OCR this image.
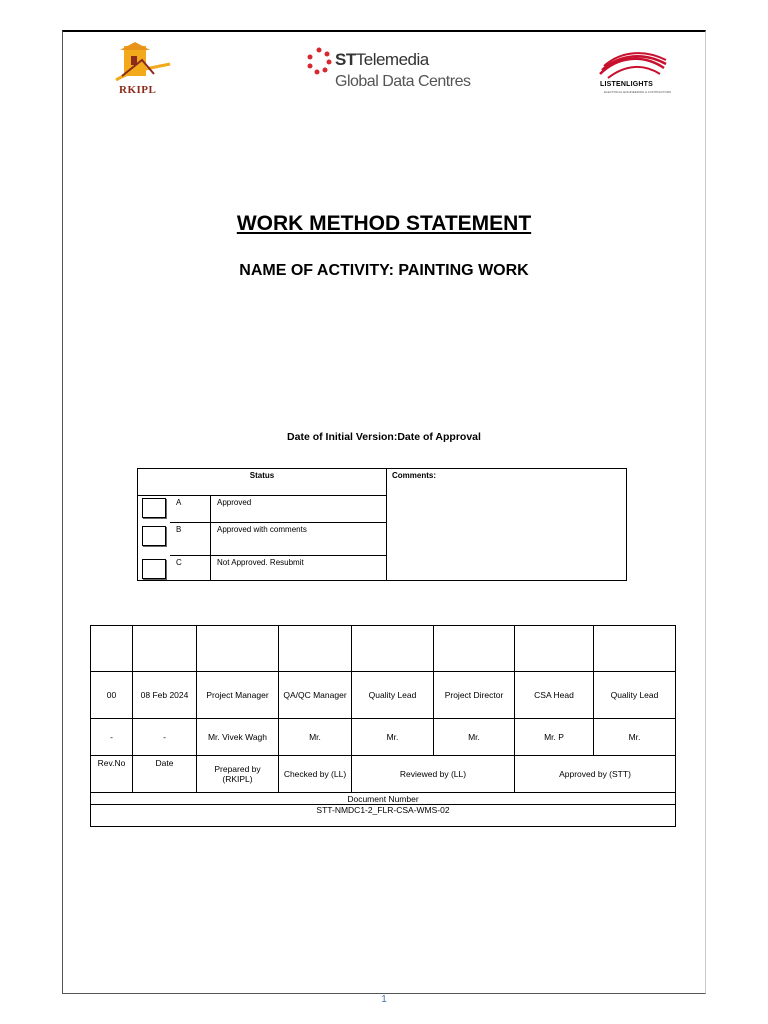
RKIPL
STTelemedia
Global Data Centres	LISTENLIGHTS
ELECTRICAL ENGINEERING & CONTRACTORS
WORK METHOD STATEMENT
NAME OF ACTIVITY: PAINTING WORK
Date of Initial Version:Date of Approval
Status	Comments:
A	Approved
B	Approved with comments
C	Not Approved. Resubmit

00	08 Feb 2024	Project Manager	QA/QC Manager	Quality Lead	Project Director	CSA Head	Quality Lead
-	-	Mr. Vivek Wagh	Mr.	Mr.	Mr.	Mr. P	Mr.
Rev.No	Date	Prepared by (RKIPL)	Checked by (LL)	Reviewed by (LL)		Approved by (STT)	
Document Number							
STT-NMDC1-2_FLR-CSA-WMS-02							
1
